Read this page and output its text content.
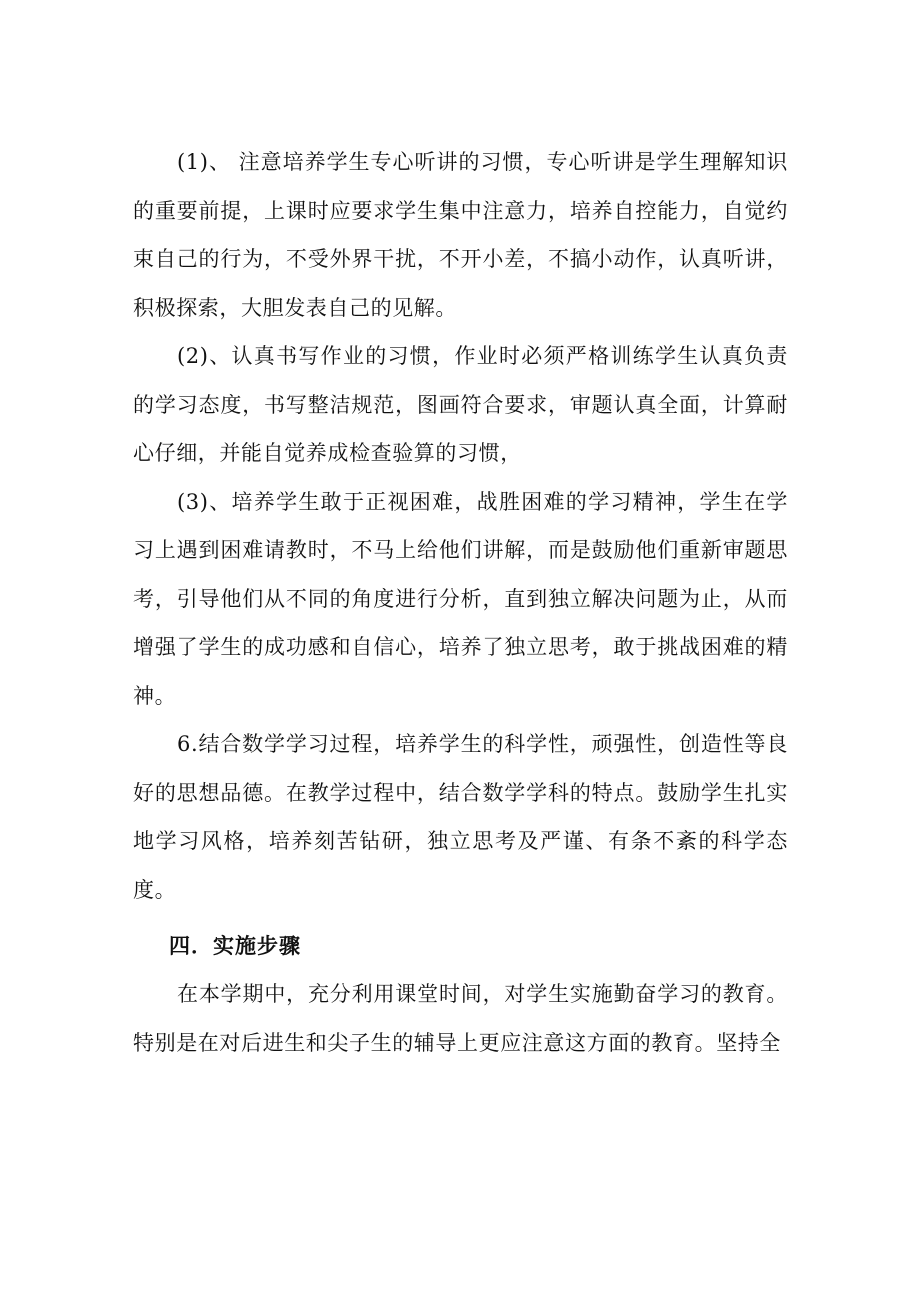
(1)、 注意培养学生专心听讲的习惯，专心听讲是学生理解知识的重要前提，上课时应要求学生集中注意力，培养自控能力，自觉约束自己的行为，不受外界干扰，不开小差，不搞小动作，认真听讲，积极探索，大胆发表自己的见解。

(2)、认真书写作业的习惯，作业时必须严格训练学生认真负责的学习态度，书写整洁规范，图画符合要求，审题认真全面，计算耐心仔细，并能自觉养成检查验算的习惯，

(3)、培养学生敢于正视困难，战胜困难的学习精神，学生在学习上遇到困难请教时，不马上给他们讲解，而是鼓励他们重新审题思考，引导他们从不同的角度进行分析，直到独立解决问题为止，从而增强了学生的成功感和自信心，培养了独立思考，敢于挑战困难的精神。

6.结合数学学习过程，培养学生的科学性，顽强性，创造性等良好的思想品德。在教学过程中，结合数学学科的特点。鼓励学生扎实地学习风格，培养刻苦钻研，独立思考及严谨、有条不紊的科学态度。

四．实施步骤

在本学期中，充分利用课堂时间，对学生实施勤奋学习的教育。特别是在对后进生和尖子生的辅导上更应注意这方面的教育。坚持全
